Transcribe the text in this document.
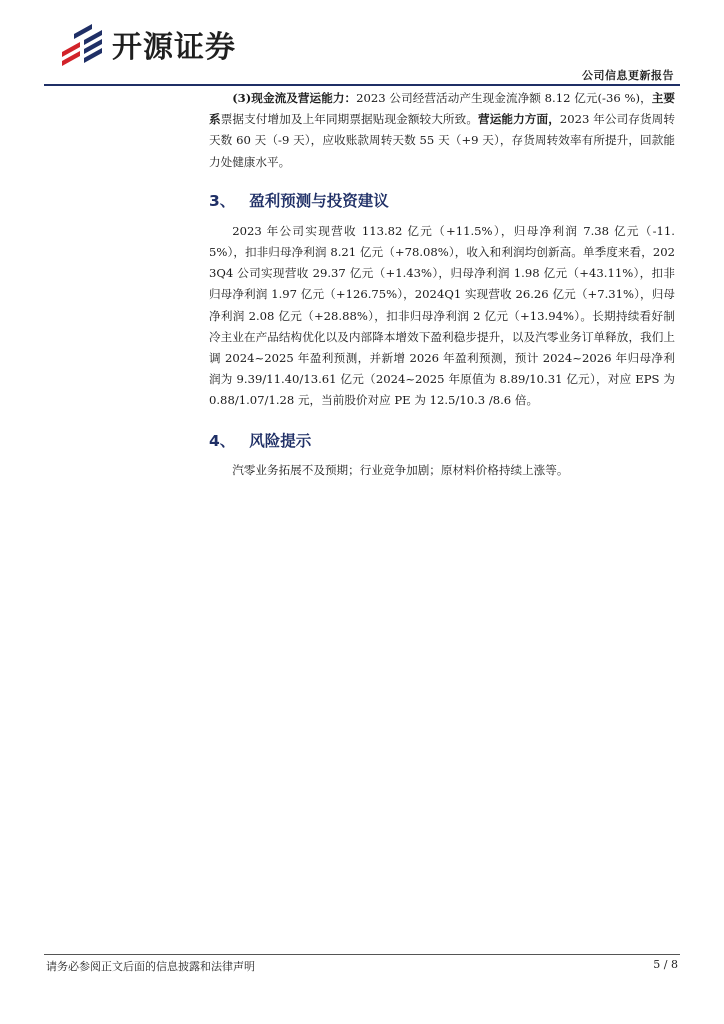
开源证券
公司信息更新报告

(3)现金流及营运能力：2023 公司经营活动产生现金流净额 8.12 亿元(-36 %)，主要系票据支付增加及上年同期票据贴现金额较大所致。营运能力方面，2023 年公司存货周转天数 60 天（-9 天），应收账款周转天数 55 天（+9 天），存货周转效率有所提升，回款能力处健康水平。

3、 盈利预测与投资建议

2023 年公司实现营收 113.82 亿元（+11.5%），归母净利润 7.38 亿元（-11.5%），扣非归母净利润 8.21 亿元（+78.08%），收入和利润均创新高。单季度来看，2023Q4 公司实现营收 29.37 亿元（+1.43%），归母净利润 1.98 亿元（+43.11%），扣非归母净利润 1.97 亿元（+126.75%），2024Q1 实现营收 26.26 亿元（+7.31%），归母净利润 2.08 亿元（+28.88%），扣非归母净利润 2 亿元（+13.94%）。长期持续看好制冷主业在产品结构优化以及内部降本增效下盈利稳步提升，以及汽零业务订单释放，我们上调 2024~2025 年盈利预测，并新增 2026 年盈利预测，预计 2024~2026 年归母净利润为 9.39/11.40/13.61 亿元（2024~2025 年原值为 8.89/10.31 亿元），对应 EPS 为 0.88/1.07/1.28 元，当前股价对应 PE 为 12.5/10.3 /8.6 倍。

4、 风险提示

汽零业务拓展不及预期；行业竞争加剧；原材料价格持续上涨等。

请务必参阅正文后面的信息披露和法律声明	5 / 8
